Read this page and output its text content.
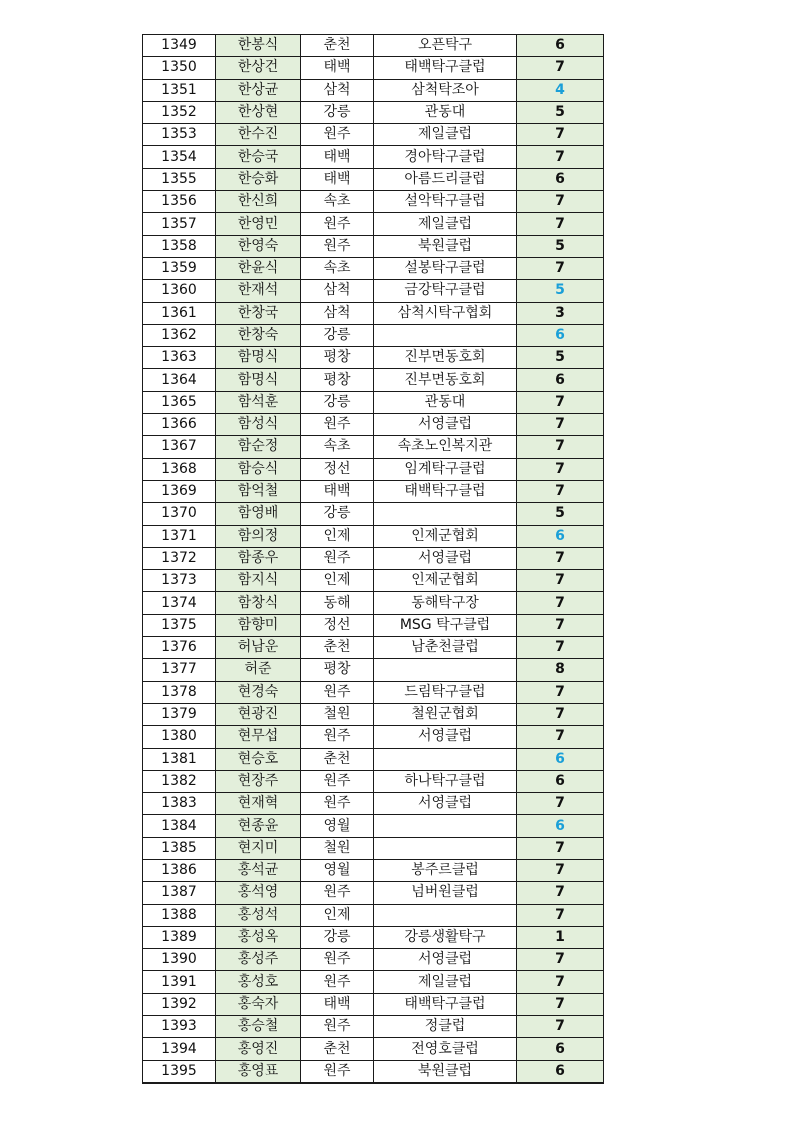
1349	한봉식	춘천	오픈탁구	6
1350	한상건	태백	태백탁구클럽	7
1351	한상균	삼척	삼척탁조아	4
1352	한상현	강릉	관동대	5
1353	한수진	원주	제일클럽	7
1354	한승국	태백	경아탁구클럽	7
1355	한승화	태백	아름드리클럽	6
1356	한신희	속초	설악탁구클럽	7
1357	한영민	원주	제일클럽	7
1358	한영숙	원주	북원클럽	5
1359	한윤식	속초	설봉탁구클럽	7
1360	한재석	삼척	금강탁구클럽	5
1361	한창국	삼척	삼척시탁구협회	3
1362	한창숙	강릉		6
1363	함명식	평창	진부면동호회	5
1364	함명식	평창	진부면동호회	6
1365	함석훈	강릉	관동대	7
1366	함성식	원주	서영클럽	7
1367	함순정	속초	속초노인복지관	7
1368	함승식	정선	임계탁구클럽	7
1369	함억철	태백	태백탁구클럽	7
1370	함영배	강릉		5
1371	함의정	인제	인제군협회	6
1372	함종우	원주	서영클럽	7
1373	함지식	인제	인제군협회	7
1374	함창식	동해	동해탁구장	7
1375	함향미	정선	MSG 탁구클럽	7
1376	허남운	춘천	남춘천클럽	7
1377	허준	평창		8
1378	현경숙	원주	드림탁구클럽	7
1379	현광진	철원	철원군협회	7
1380	현무섭	원주	서영클럽	7
1381	현승호	춘천		6
1382	현장주	원주	하나탁구클럽	6
1383	현재혁	원주	서영클럽	7
1384	현종윤	영월		6
1385	현지미	철원		7
1386	홍석균	영월	봉주르클럽	7
1387	홍석영	원주	넘버원클럽	7
1388	홍성석	인제		7
1389	홍성옥	강릉	강릉생활탁구	1
1390	홍성주	원주	서영클럽	7
1391	홍성호	원주	제일클럽	7
1392	홍숙자	태백	태백탁구클럽	7
1393	홍승철	원주	정클럽	7
1394	홍영진	춘천	전영호클럽	6
1395	홍영표	원주	북원클럽	6
